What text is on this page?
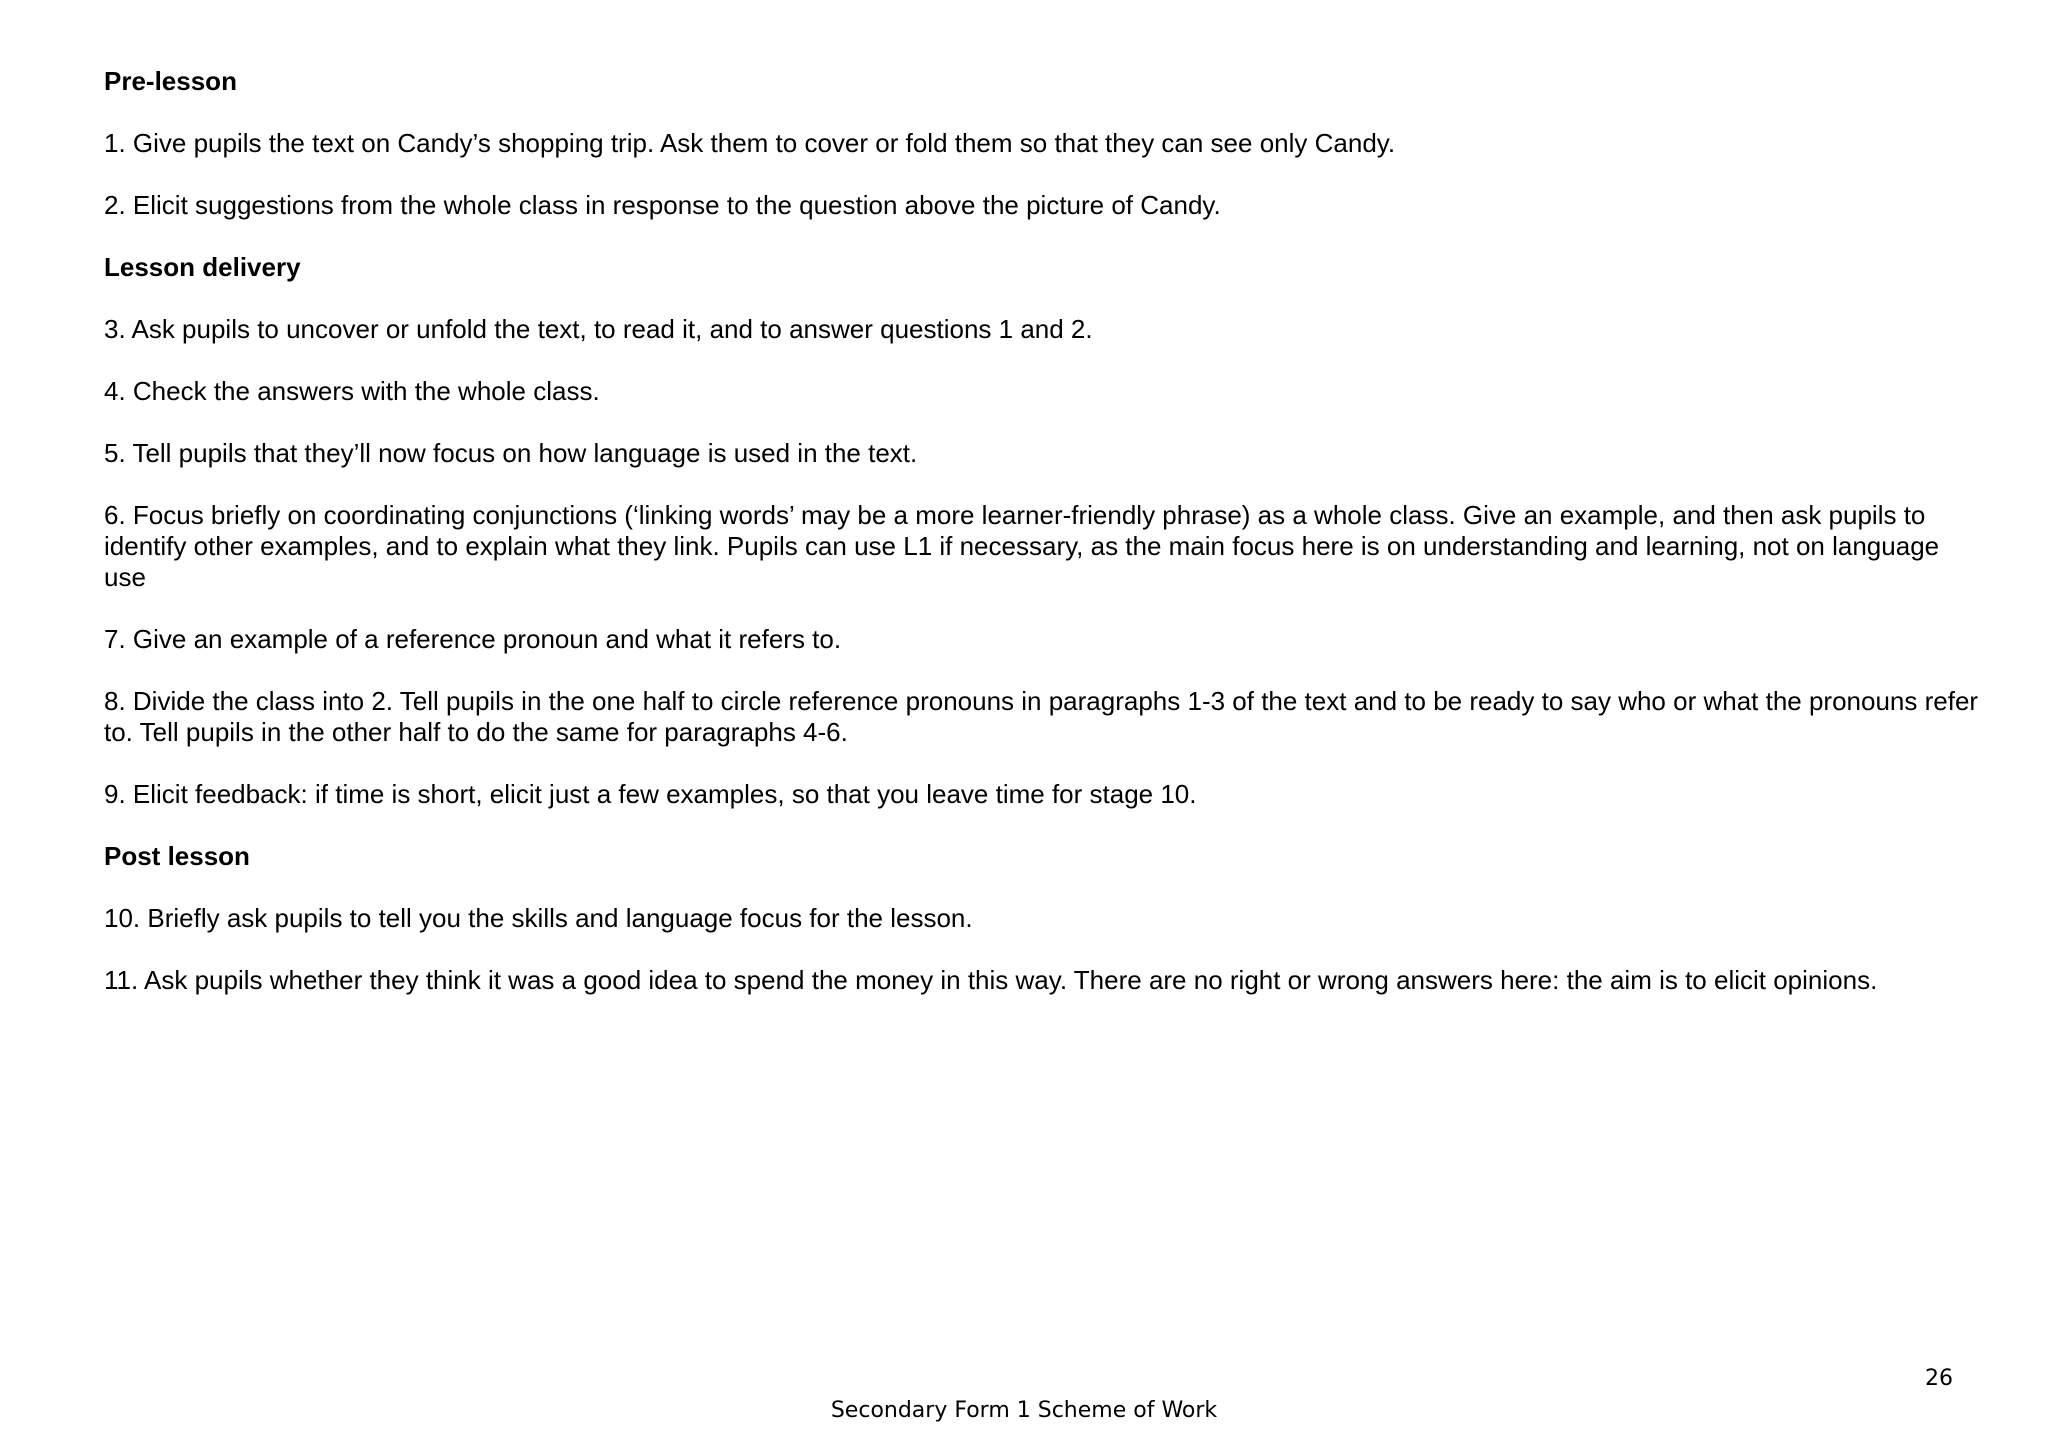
Pre-lesson
1. Give pupils the text on Candy’s shopping trip. Ask them to cover or fold them so that they can see only Candy.
2. Elicit suggestions from the whole class in response to the question above the picture of Candy.
Lesson delivery
3. Ask pupils to uncover or unfold the text, to read it, and to answer questions 1 and 2.
4. Check the answers with the whole class.
5. Tell pupils that they’ll now focus on how language is used in the text.
6. Focus briefly on coordinating conjunctions (‘linking words’ may be a more learner-friendly phrase) as a whole class. Give an example, and then ask pupils to identify other examples, and to explain what they link. Pupils can use L1 if necessary, as the main focus here is on understanding and learning, not on language use
7. Give an example of a reference pronoun and what it refers to.
8. Divide the class into 2. Tell pupils in the one half to circle reference pronouns in paragraphs 1-3 of the text and to be ready to say who or what the pronouns refer to. Tell pupils in the other half to do the same for paragraphs 4-6.
9. Elicit feedback: if time is short, elicit just a few examples, so that you leave time for stage 10.
Post lesson
10. Briefly ask pupils to tell you the skills and language focus for the lesson.
11. Ask pupils whether they think it was a good idea to spend the money in this way. There are no right or wrong answers here: the aim is to elicit opinions.
26
Secondary Form 1 Scheme of Work
